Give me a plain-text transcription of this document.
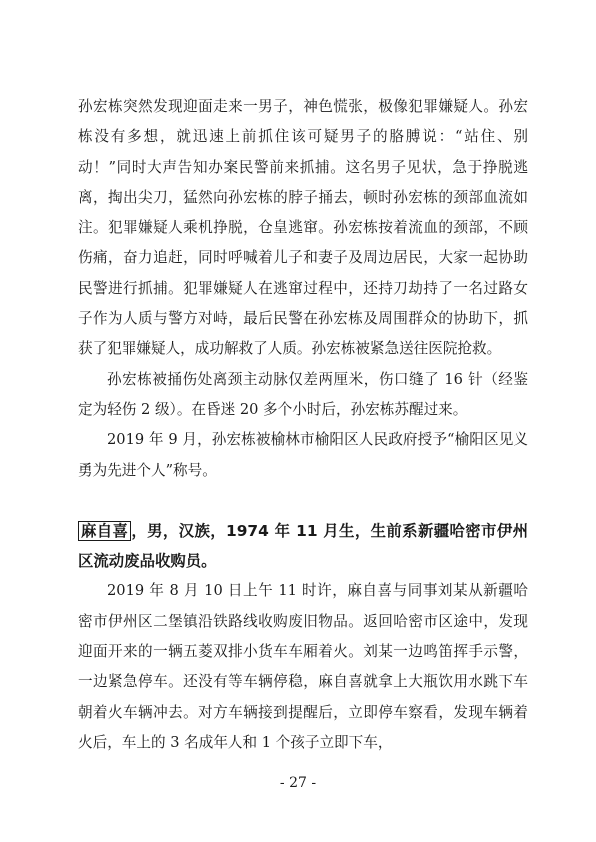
孙宏栋突然发现迎面走来一男子，神色慌张，极像犯罪嫌疑人。孙宏栋没有多想，就迅速上前抓住该可疑男子的胳膊说：“站住、别动！”同时大声告知办案民警前来抓捕。这名男子见状，急于挣脱逃离，掏出尖刀，猛然向孙宏栋的脖子捅去，顿时孙宏栋的颈部血流如注。犯罪嫌疑人乘机挣脱，仓皇逃窜。孙宏栋按着流血的颈部，不顾伤痛，奋力追赶，同时呼喊着儿子和妻子及周边居民，大家一起协助民警进行抓捕。犯罪嫌疑人在逃窜过程中，还持刀劫持了一名过路女子作为人质与警方对峙，最后民警在孙宏栋及周围群众的协助下，抓获了犯罪嫌疑人，成功解救了人质。孙宏栋被紧急送往医院抢救。

孙宏栋被捅伤处离颈主动脉仅差两厘米，伤口缝了 16 针（经鉴定为轻伤 2 级）。在昏迷 20 多个小时后，孙宏栋苏醒过来。

2019 年 9 月，孙宏栋被榆林市榆阳区人民政府授予“榆阳区见义勇为先进个人”称号。

麻自喜 ，男，汉族，1974 年 11 月生，生前系新疆哈密市伊州区流动废品收购员。

2019 年 8 月 10 日上午 11 时许，麻自喜与同事刘某从新疆哈密市伊州区二堡镇沿铁路线收购废旧物品。返回哈密市区途中，发现迎面开来的一辆五菱双排小货车车厢着火。刘某一边鸣笛挥手示警，一边紧急停车。还没有等车辆停稳，麻自喜就拿上大瓶饮用水跳下车朝着火车辆冲去。对方车辆接到提醒后，立即停车察看，发现车辆着火后，车上的 3 名成年人和 1 个孩子立即下车，

- 27 -
